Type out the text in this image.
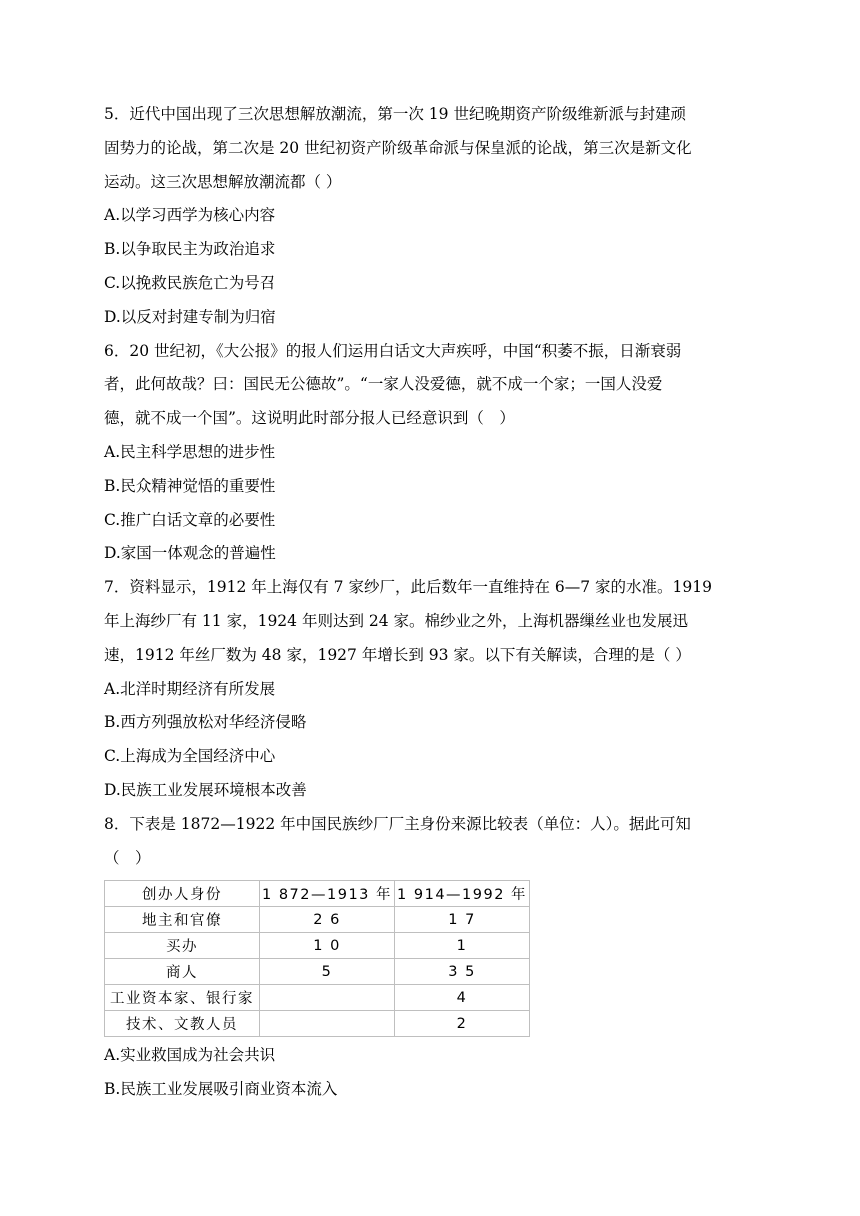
5．近代中国出现了三次思想解放潮流，第一次 19 世纪晚期资产阶级维新派与封建顽
固势力的论战，第二次是 20 世纪初资产阶级革命派与保皇派的论战，第三次是新文化
运动。这三次思想解放潮流都（ ）
A.以学习西学为核心内容
B.以争取民主为政治追求
C.以挽救民族危亡为号召
D.以反对封建专制为归宿
6．20 世纪初，《大公报》的报人们运用白话文大声疾呼，中国“积萎不振，日渐衰弱
者，此何故哉？曰：国民无公德故”。“一家人没爱德，就不成一个家；一国人没爱
德，就不成一个国”。这说明此时部分报人已经意识到（　）
A.民主科学思想的进步性
B.民众精神觉悟的重要性
C.推广白话文章的必要性
D.家国一体观念的普遍性
7．资料显示，1912 年上海仅有 7 家纱厂，此后数年一直维持在 6—7 家的水准。1919
年上海纱厂有 11 家，1924 年则达到 24 家。棉纱业之外，上海机器缫丝业也发展迅
速，1912 年丝厂数为 48 家，1927 年增长到 93 家。以下有关解读，合理的是（ ）
A.北洋时期经济有所发展
B.西方列强放松对华经济侵略
C.上海成为全国经济中心
D.民族工业发展环境根本改善
8．下表是 1872—1922 年中国民族纱厂厂主身份来源比较表（单位：人）。据此可知
（　）
创办人身份	1 872—1913 年	1 914—1992 年
地主和官僚	2 6	1 7
买办	1 0	1
商人	5	3 5
工业资本家、银行家		4
技术、文教人员		2
A.实业救国成为社会共识
B.民族工业发展吸引商业资本流入
